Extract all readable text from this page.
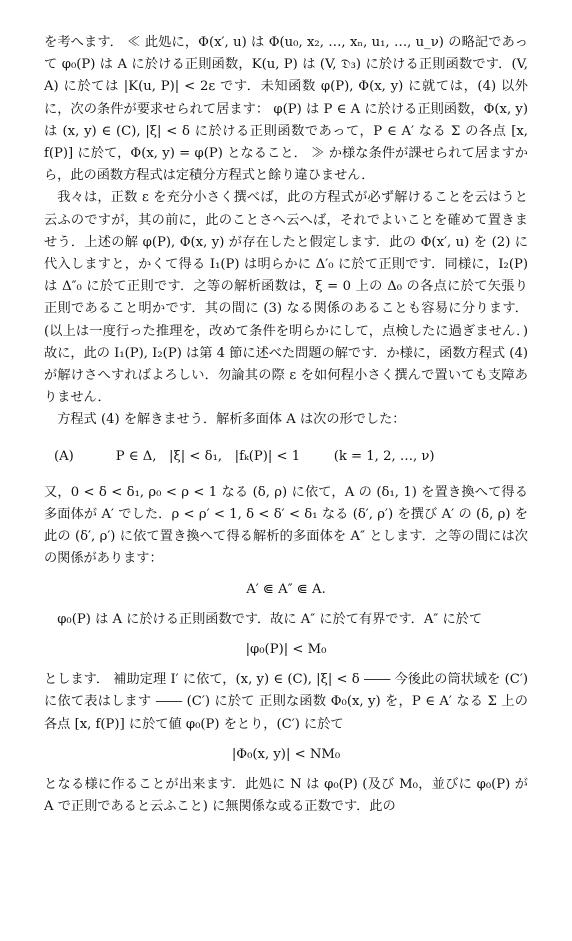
を考へます． ≪ 此処に，Φ(x′, u) は Φ(u₀, x₂, …, xₙ, u₁, …, u_ν) の略記であって φ₀(P) は A に於ける正則函数，K(u, P) は (V, 𝔇₃) に於ける正則函数です．(V, A) に於ては |K(u, P)| < 2ε です．未知函数 φ(P), Φ(x, y) に就ては，(4) 以外に，次の条件が要求せられて居ます： φ(P) は P ∈ A に於ける正則函数，Φ(x, y) は (x, y) ∈ (C), |ξ| < δ に於ける正則函数であって，P ∈ A′ なる Σ の各点 [x, f(P)] に於て，Φ(x, y) = φ(P) となること． ≫ か様な条件が課せられて居ますから，此の函数方程式は定積分方程式と餘り違ひません．

我々は，正数 ε を充分小さく撰べば，此の方程式が必ず解けることを云はうと云ふのですが，其の前に，此のことさへ云へば，それでよいことを確めて置きませう．上述の解 φ(P), Φ(x, y) が存在したと假定します．此の Φ(x′, u) を (2) に代入しますと，かくて得る I₁(P) は明らかに Δ′₀ に於て正則です．同様に，I₂(P) は Δ″₀ に於て正則です．之等の解析函数は，ξ = 0 上の Δ₀ の各点に於て矢張り正則であること明かです．其の間に (3) なる関係のあることも容易に分ります．(以上は一度行った推理を，改めて条件を明らかにして，点検したに過ぎません．) 故に，此の I₁(P), I₂(P) は第 4 節に述べた問題の解です．か様に，函数方程式 (4) が解けさへすればよろしい．勿論其の際 ε を如何程小さく撰んで置いても支障ありません．

方程式 (4) を解きませう．解析多面体 A は次の形でした：

(A)          P ∈ Δ,   |ξ| < δ₁,   |fₖ(P)| < 1        (k = 1, 2, …, ν)

又，0 < δ < δ₁, ρ₀ < ρ < 1 なる (δ, ρ) に依て，A の (δ₁, 1) を置き換へて得る多面体が A′ でした．ρ < ρ′ < 1, δ < δ′ < δ₁ なる (δ′, ρ′) を撰び A′ の (δ, ρ) を此の (δ′, ρ′) に依て置き換へて得る解析的多面体を A″ とします．之等の間には次の関係があります：

A′ ⋐ A″ ⋐ A.

φ₀(P) は A に於ける正則函数です．故に A″ に於て有界です．A″ に於て

|φ₀(P)| < M₀

とします． 補助定理 I′ に依て，(x, y) ∈ (C), |ξ| < δ ―― 今後此の筒状域を (C′) に依て表はします ―― (C′) に於て 正則な函数 Φ₀(x, y) を，P ∈ A′ なる Σ 上の各点 [x, f(P)] に於て値 φ₀(P) をとり，(C′) に於て

|Φ₀(x, y)| < NM₀

となる様に作ることが出来ます．此処に N は φ₀(P) (及び M₀，並びに φ₀(P) が A で正則であると云ふこと) に無関係な或る正数です．此の
